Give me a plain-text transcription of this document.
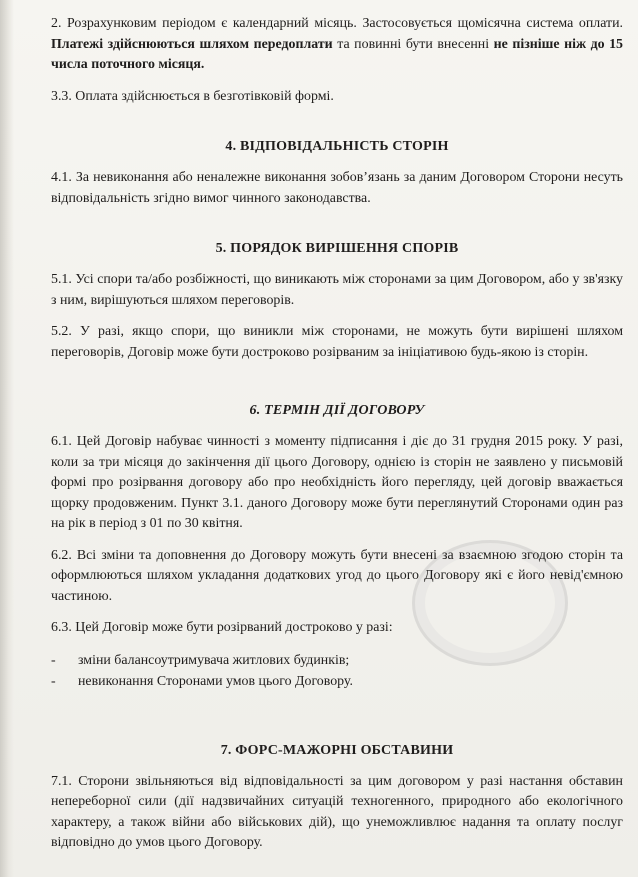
2. Розрахунковим періодом є календарний місяць. Застосовується щомісячна система оплати. Платежі здійснюються шляхом передоплати та повинні бути внесенні не пізніше ніж до 15 числа поточного місяця.

3.3. Оплата здійснюється в безготівковій формі.

4. ВІДПОВІДАЛЬНІСТЬ СТОРІН

4.1. За невиконання або неналежне виконання зобов’язань за даним Договором Сторони несуть відповідальність згідно вимог чинного законодавства.

5. ПОРЯДОК ВИРІШЕННЯ СПОРІВ

5.1. Усі спори та/або розбіжності, що виникають між сторонами за цим Договором, або у зв'язку з ним, вирішуються шляхом переговорів.

5.2. У разі, якщо спори, що виникли між сторонами, не можуть бути вирішені шляхом переговорів, Договір може бути достроково розірваним за ініціативою будь-якою із сторін.

6. ТЕРМІН ДІЇ ДОГОВОРУ

6.1. Цей Договір набуває чинності з моменту підписання і діє до 31 грудня 2015 року. У разі, коли за три місяця до закінчення дії цього Договору, однією із сторін не заявлено у письмовій формі про розірвання договору або про необхідність його перегляду, цей договір вважається щорку продовженим. Пункт 3.1. даного Договору може бути переглянутий Сторонами один раз на рік в період з 01 по 30 квітня.

6.2. Всі зміни та доповнення до Договору можуть бути внесені за взаємною згодою сторін та оформлюються шляхом укладання додаткових угод до цього Договору які є його невід'ємною частиною.

6.3. Цей Договір може бути розірваний достроково у разі:

- зміни балансоутримувача житлових будинків;
- невиконання Сторонами умов цього Договору.
7. ФОРС-МАЖОРНІ ОБСТАВИНИ

7.1. Сторони звільняються від відповідальності за цим договором у разі настання обставин непереборної сили (дії надзвичайних ситуацій техногенного, природного або екологічного характеру, а також війни або військових дій), що унеможливлює надання та оплату послуг відповідно до умов цього Договору.
